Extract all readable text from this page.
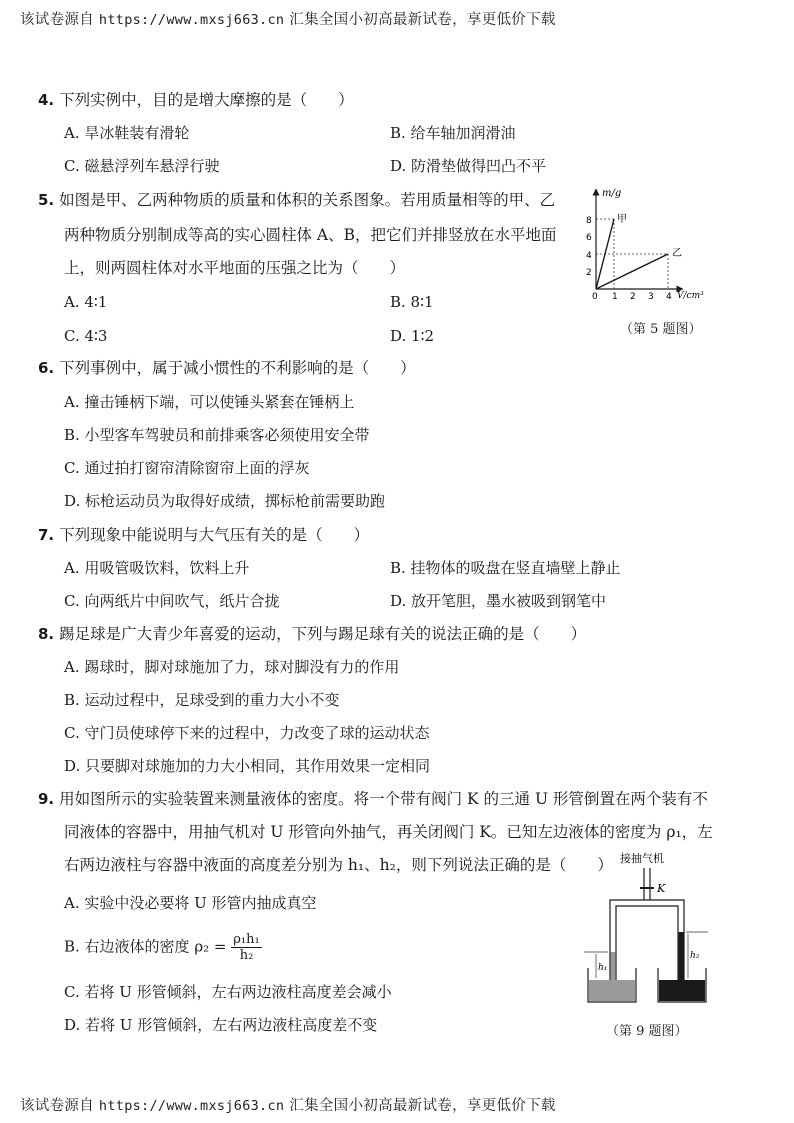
该试卷源自 https://www.mxsj663.cn 汇集全国小初高最新试卷，享更低价下载
4. 下列实例中，目的是增大摩擦的是（　　）
A. 旱冰鞋装有滑轮	B. 给车轴加润滑油
C. 磁悬浮列车悬浮行驶	D. 防滑垫做得凹凸不平
5. 如图是甲、乙两种物质的质量和体积的关系图象。若用质量相等的甲、乙
两种物质分别制成等高的实心圆柱体 A、B，把它们并排竖放在水平地面
上，则两圆柱体对水平地面的压强之比为（　　）
A. 4∶1	B. 8∶1
C. 4∶3	D. 1∶2
m/g
V/cm³
8
6
4
2
0 1 2 3 4
甲
乙
（第 5 题图）
6. 下列事例中，属于减小惯性的不利影响的是（　　）
A. 撞击锤柄下端，可以使锤头紧套在锤柄上
B. 小型客车驾驶员和前排乘客必须使用安全带
C. 通过拍打窗帘清除窗帘上面的浮灰
D. 标枪运动员为取得好成绩，掷标枪前需要助跑
7. 下列现象中能说明与大气压有关的是（　　）
A. 用吸管吸饮料，饮料上升	B. 挂物体的吸盘在竖直墙壁上静止
C. 向两纸片中间吹气，纸片合拢	D. 放开笔胆，墨水被吸到钢笔中
8. 踢足球是广大青少年喜爱的运动，下列与踢足球有关的说法正确的是（　　）
A. 踢球时，脚对球施加了力，球对脚没有力的作用
B. 运动过程中，足球受到的重力大小不变
C. 守门员使球停下来的过程中，力改变了球的运动状态
D. 只要脚对球施加的力大小相同，其作用效果一定相同
9. 用如图所示的实验装置来测量液体的密度。将一个带有阀门 K 的三通 U 形管倒置在两个装有不
同液体的容器中，用抽气机对 U 形管向外抽气，再关闭阀门 K。已知左边液体的密度为 ρ₁，左
右两边液柱与容器中液面的高度差分别为 h₁、h₂，则下列说法正确的是（　　）
A. 实验中没必要将 U 形管内抽成真空
B. 右边液体的密度 $\rho_2 = \frac{\text{ρ₁h₁}}{\text{h₂}}$
C. 若将 U 形管倾斜，左右两边液柱高度差会减小
D. 若将 U 形管倾斜，左右两边液柱高度差不变
接抽气机
K
h₁
h₂
（第 9 题图）
该试卷源自 https://www.mxsj663.cn 汇集全国小初高最新试卷，享更低价下载
